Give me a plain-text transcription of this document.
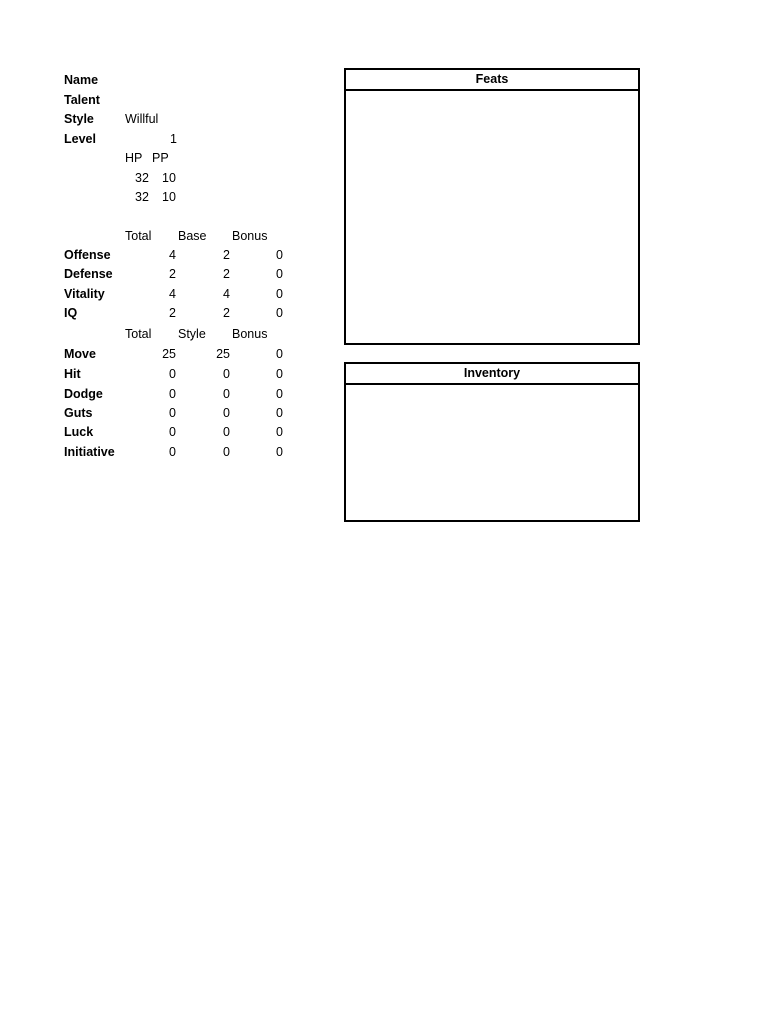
Name
Talent
Style Willful
Level	1
HP PP
32 10
32 10
Total Base Bonus
Offense	4	2	0
Defense	2	2	0
Vitality	4	4	0
IQ	2	2	0
Total Style Bonus
Move	25	25	0
Hit	0	0	0
Dodge	0	0	0
Guts	0	0	0
Luck	0	0	0
Initiative	0	0	0
Feats
Inventory
